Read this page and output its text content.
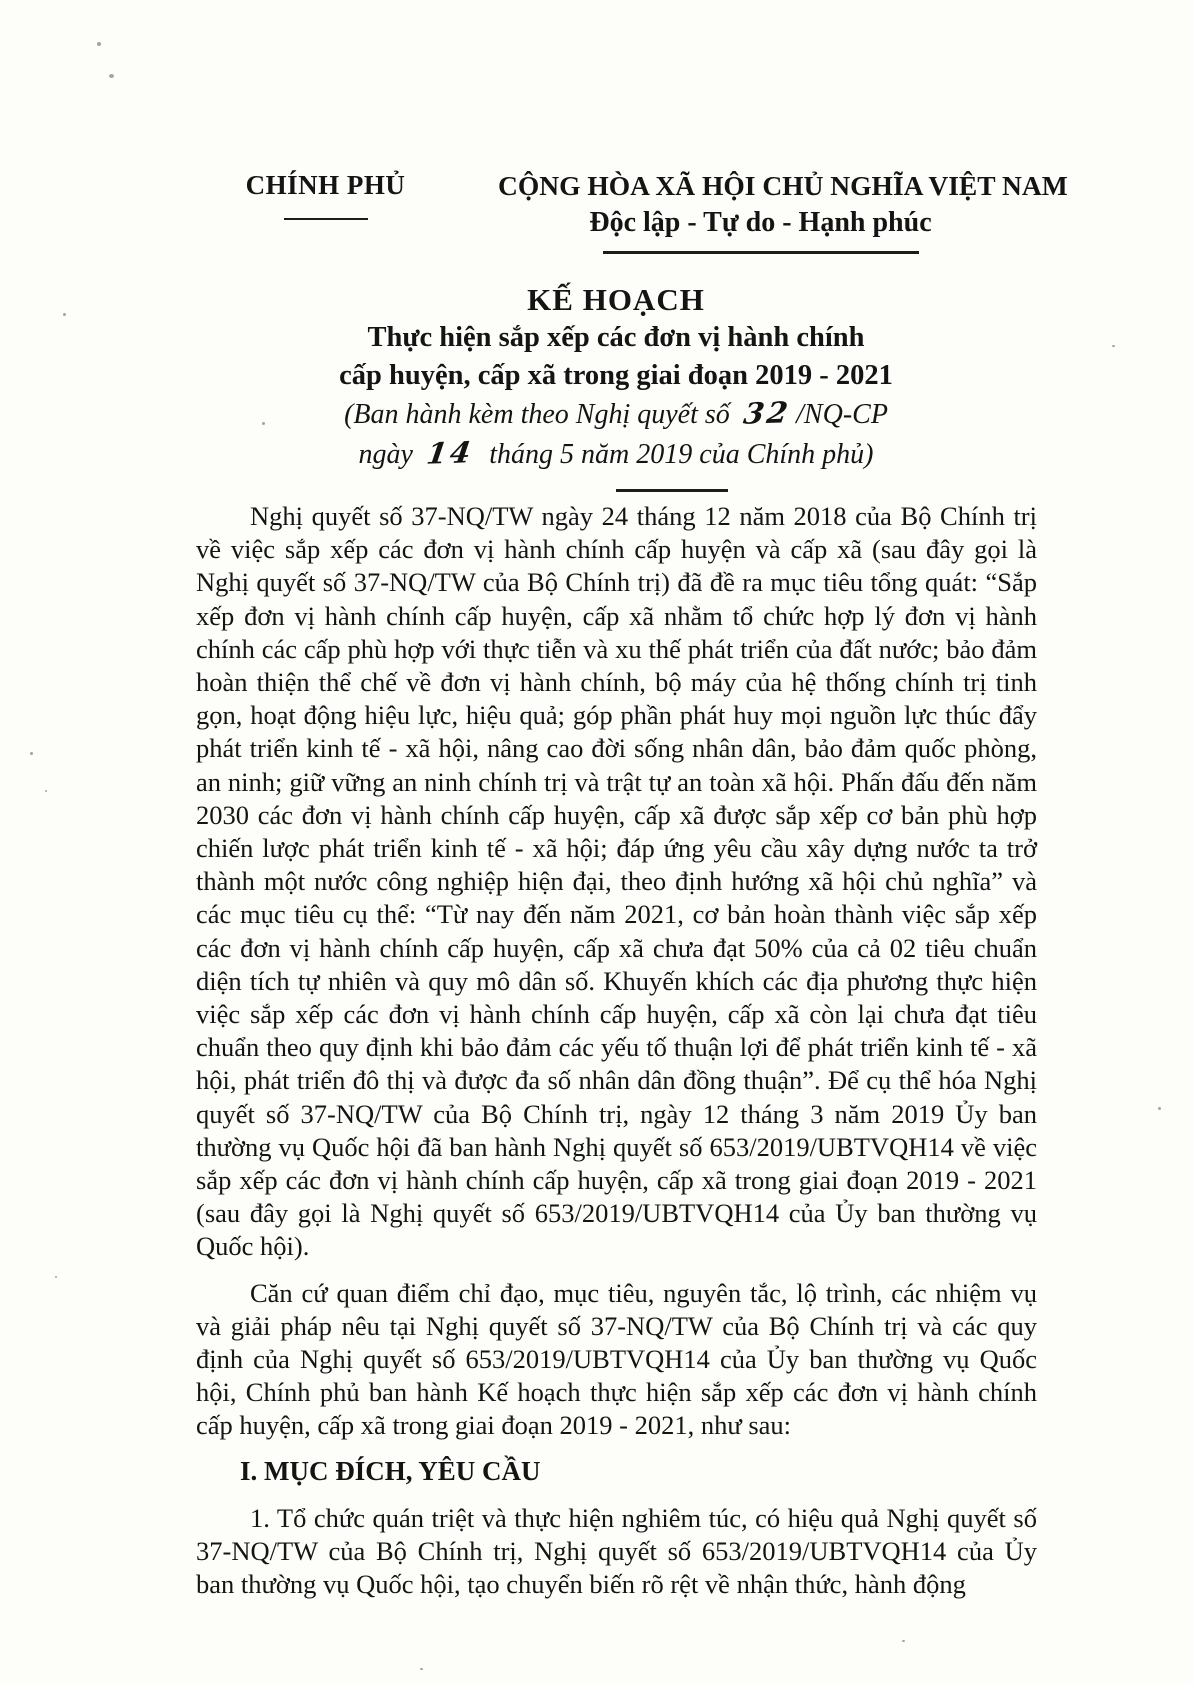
CHÍNH PHỦ	CỘNG HÒA XÃ HỘI CHỦ NGHĨA VIỆT NAM
Độc lập - Tự do - Hạnh phúc
KẾ HOẠCH
Thực hiện sắp xếp các đơn vị hành chính
cấp huyện, cấp xã trong giai đoạn 2019 - 2021
(Ban hành kèm theo Nghị quyết số 32 /NQ-CP
ngày 14 tháng 5 năm 2019 của Chính phủ)

Nghị quyết số 37-NQ/TW ngày 24 tháng 12 năm 2018 của Bộ Chính trị về việc sắp xếp các đơn vị hành chính cấp huyện và cấp xã (sau đây gọi là Nghị quyết số 37-NQ/TW của Bộ Chính trị) đã đề ra mục tiêu tổng quát: “Sắp xếp đơn vị hành chính cấp huyện, cấp xã nhằm tổ chức hợp lý đơn vị hành chính các cấp phù hợp với thực tiễn và xu thế phát triển của đất nước; bảo đảm hoàn thiện thể chế về đơn vị hành chính, bộ máy của hệ thống chính trị tinh gọn, hoạt động hiệu lực, hiệu quả; góp phần phát huy mọi nguồn lực thúc đẩy phát triển kinh tế - xã hội, nâng cao đời sống nhân dân, bảo đảm quốc phòng, an ninh; giữ vững an ninh chính trị và trật tự an toàn xã hội. Phấn đấu đến năm 2030 các đơn vị hành chính cấp huyện, cấp xã được sắp xếp cơ bản phù hợp chiến lược phát triển kinh tế - xã hội; đáp ứng yêu cầu xây dựng nước ta trở thành một nước công nghiệp hiện đại, theo định hướng xã hội chủ nghĩa” và các mục tiêu cụ thể: “Từ nay đến năm 2021, cơ bản hoàn thành việc sắp xếp các đơn vị hành chính cấp huyện, cấp xã chưa đạt 50% của cả 02 tiêu chuẩn diện tích tự nhiên và quy mô dân số. Khuyến khích các địa phương thực hiện việc sắp xếp các đơn vị hành chính cấp huyện, cấp xã còn lại chưa đạt tiêu chuẩn theo quy định khi bảo đảm các yếu tố thuận lợi để phát triển kinh tế - xã hội, phát triển đô thị và được đa số nhân dân đồng thuận”. Để cụ thể hóa Nghị quyết số 37-NQ/TW của Bộ Chính trị, ngày 12 tháng 3 năm 2019 Ủy ban thường vụ Quốc hội đã ban hành Nghị quyết số 653/2019/UBTVQH14 về việc sắp xếp các đơn vị hành chính cấp huyện, cấp xã trong giai đoạn 2019 - 2021 (sau đây gọi là Nghị quyết số 653/2019/UBTVQH14 của Ủy ban thường vụ Quốc hội).

Căn cứ quan điểm chỉ đạo, mục tiêu, nguyên tắc, lộ trình, các nhiệm vụ và giải pháp nêu tại Nghị quyết số 37-NQ/TW của Bộ Chính trị và các quy định của Nghị quyết số 653/2019/UBTVQH14 của Ủy ban thường vụ Quốc hội, Chính phủ ban hành Kế hoạch thực hiện sắp xếp các đơn vị hành chính cấp huyện, cấp xã trong giai đoạn 2019 - 2021, như sau:

I. MỤC ĐÍCH, YÊU CẦU

1. Tổ chức quán triệt và thực hiện nghiêm túc, có hiệu quả Nghị quyết số 37-NQ/TW của Bộ Chính trị, Nghị quyết số 653/2019/UBTVQH14 của Ủy ban thường vụ Quốc hội, tạo chuyển biến rõ rệt về nhận thức, hành động
